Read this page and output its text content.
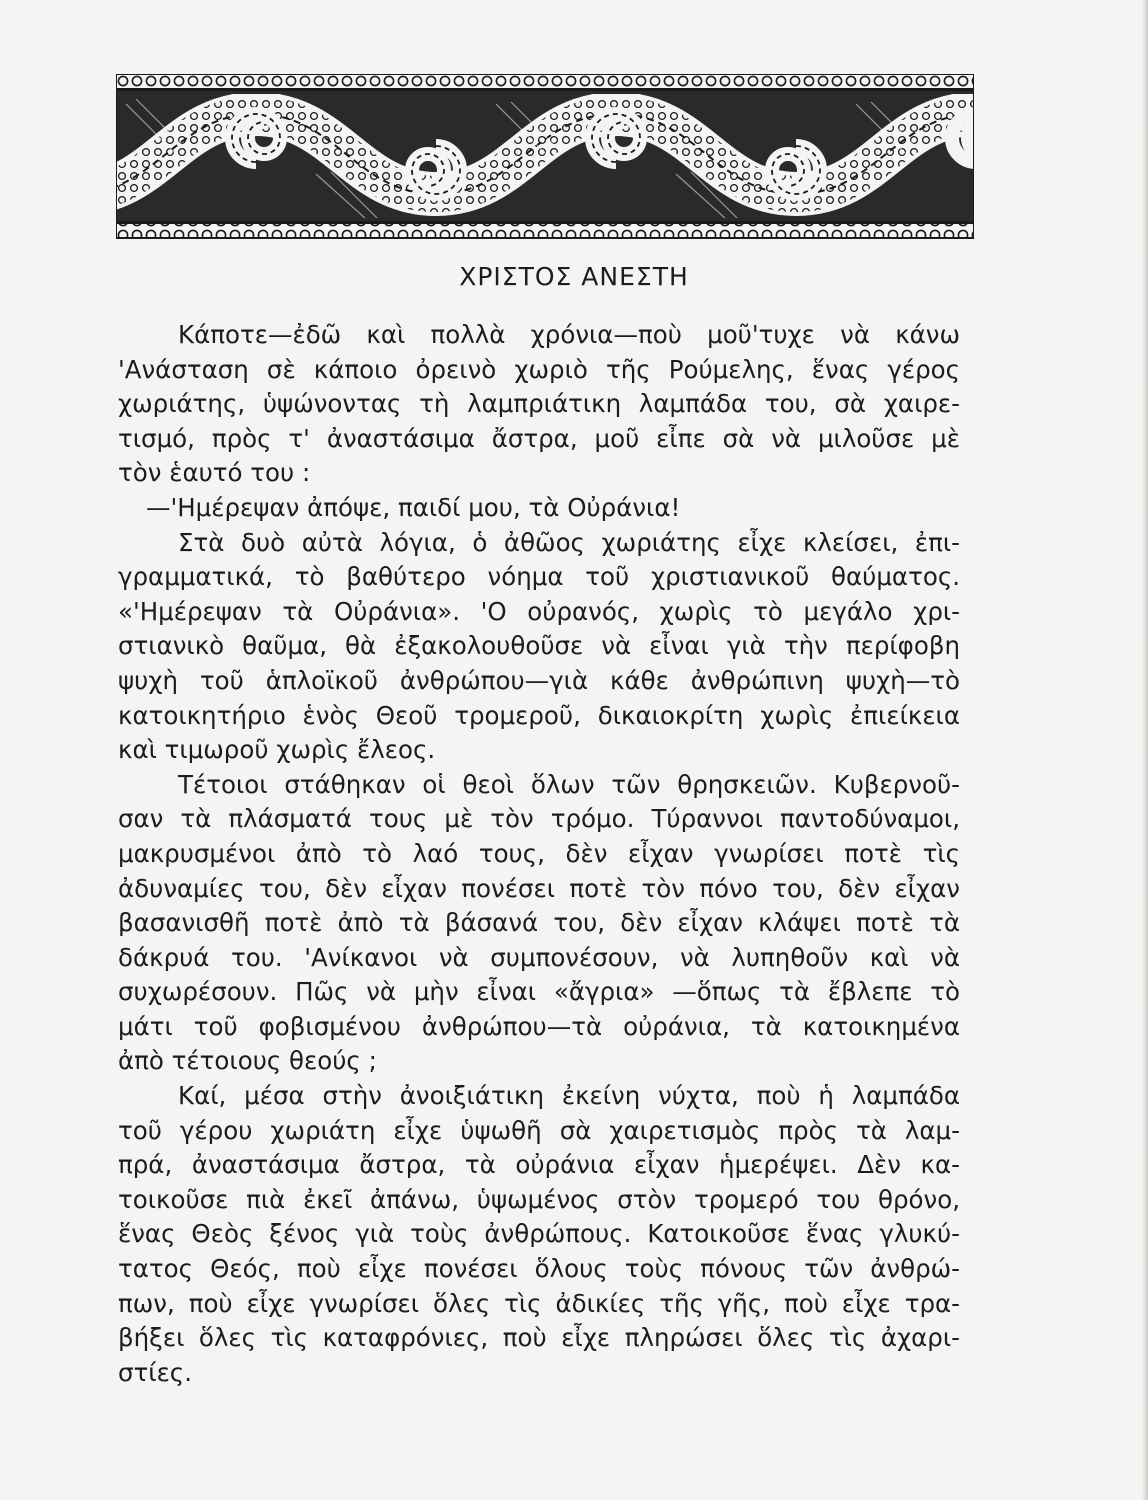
ΧΡΙΣΤΟΣ ΑΝΕΣΤΗ
Κάποτε—ἐδῶ καὶ πολλὰ χρόνια—ποὺ μοῦ'τυχε νὰ κάνω
'Ανάσταση σὲ κάποιο ὀρεινὸ χωριὸ τῆς Ρούμελης, ἕνας γέρος
χωριάτης, ὑψώνοντας τὴ λαμπριάτικη λαμπάδα του, σὰ χαιρε-
τισμό, πρὸς τ' ἀναστάσιμα ἄστρα, μοῦ εἶπε σὰ νὰ μιλοῦσε μὲ
τὸν ἑαυτό του :
—'Ημέρεψαν ἀπόψε, παιδί μου, τὰ Οὐράνια!
Στὰ δυὸ αὐτὰ λόγια, ὁ ἀθῶος χωριάτης εἶχε κλείσει, ἐπι-
γραμματικά, τὸ βαθύτερο νόημα τοῦ χριστιανικοῦ θαύματος.
«'Ημέρεψαν τὰ Οὐράνια». 'Ο οὐρανός, χωρὶς τὸ μεγάλο χρι-
στιανικὸ θαῦμα, θὰ ἐξακολουθοῦσε νὰ εἶναι γιὰ τὴν περίφοβη
ψυχὴ τοῦ ἁπλοϊκοῦ ἀνθρώπου—γιὰ κάθε ἀνθρώπινη ψυχὴ—τὸ
κατοικητήριο ἑνὸς Θεοῦ τρομεροῦ, δικαιοκρίτη χωρὶς ἐπιείκεια
καὶ τιμωροῦ χωρὶς ἔλεος.
Τέτοιοι στάθηκαν οἱ θεοὶ ὅλων τῶν θρησκειῶν. Κυβερνοῦ-
σαν τὰ πλάσματά τους μὲ τὸν τρόμο. Τύραννοι παντοδύναμοι,
μακρυσμένοι ἀπὸ τὸ λαό τους, δὲν εἶχαν γνωρίσει ποτὲ τὶς
ἀδυναμίες του, δὲν εἶχαν πονέσει ποτὲ τὸν πόνο του, δὲν εἶχαν
βασανισθῆ ποτὲ ἀπὸ τὰ βάσανά του, δὲν εἶχαν κλάψει ποτὲ τὰ
δάκρυά του. 'Ανίκανοι νὰ συμπονέσουν, νὰ λυπηθοῦν καὶ νὰ
συχωρέσουν. Πῶς νὰ μὴν εἶναι «ἄγρια» —ὅπως τὰ ἔβλεπε τὸ
μάτι τοῦ φοβισμένου ἀνθρώπου—τὰ οὐράνια, τὰ κατοικημένα
ἀπὸ τέτοιους θεούς ;
Καί, μέσα στὴν ἀνοιξιάτικη ἐκείνη νύχτα, ποὺ ἡ λαμπάδα
τοῦ γέρου χωριάτη εἶχε ὑψωθῆ σὰ χαιρετισμὸς πρὸς τὰ λαμ-
πρά, ἀναστάσιμα ἄστρα, τὰ οὐράνια εἶχαν ἡμερέψει. Δὲν κα-
τοικοῦσε πιὰ ἐκεῖ ἀπάνω, ὑψωμένος στὸν τρομερό του θρόνο,
ἕνας Θεὸς ξένος γιὰ τοὺς ἀνθρώπους. Κατοικοῦσε ἕνας γλυκύ-
τατος Θεός, ποὺ εἶχε πονέσει ὅλους τοὺς πόνους τῶν ἀνθρώ-
πων, ποὺ εἶχε γνωρίσει ὅλες τὶς ἀδικίες τῆς γῆς, ποὺ εἶχε τρα-
βήξει ὅλες τὶς καταφρόνιες, ποὺ εἶχε πληρώσει ὅλες τὶς ἀχαρι-
στίες.
